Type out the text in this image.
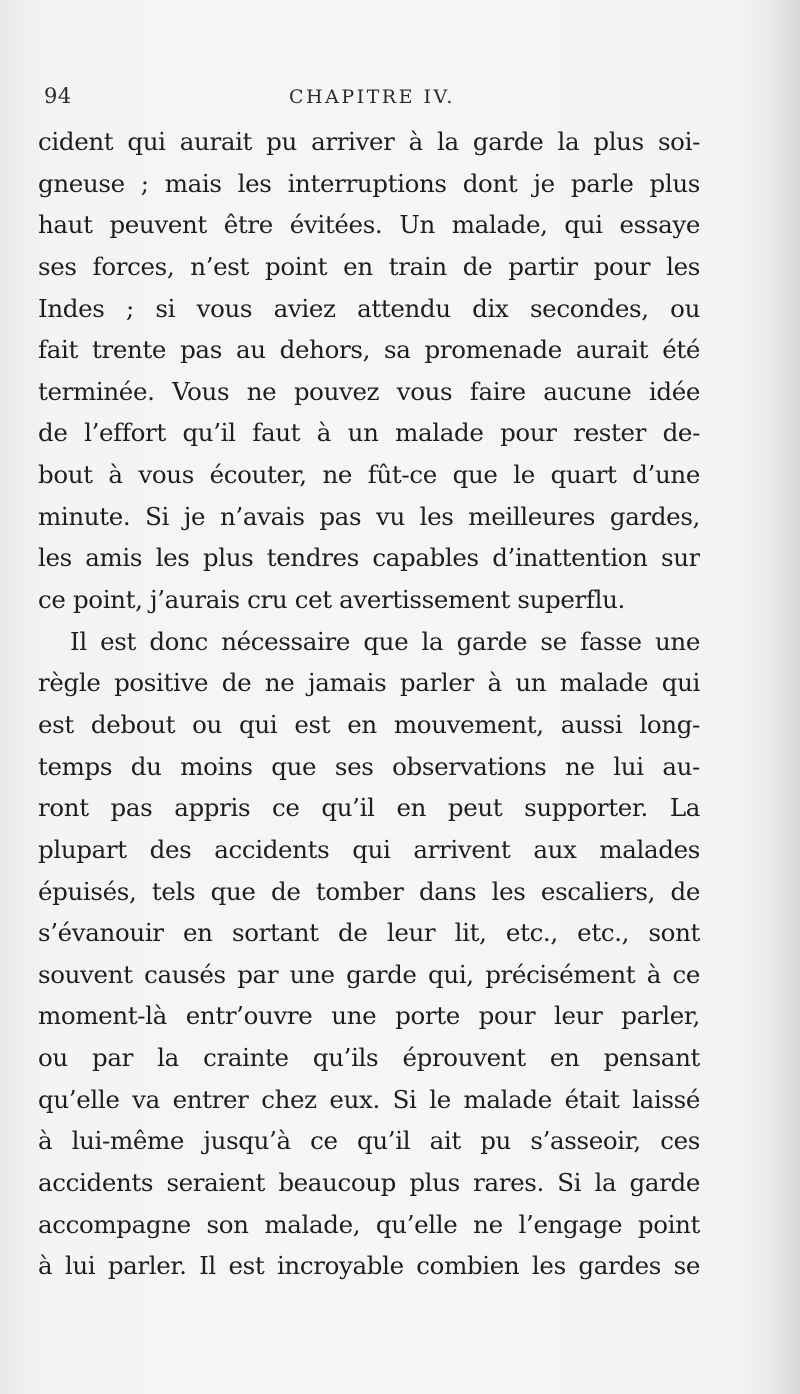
94	CHAPITRE IV.
cident qui aurait pu arriver à la garde la plus soi-
gneuse ; mais les interruptions dont je parle plus
haut peuvent être évitées. Un malade, qui essaye
ses forces, n’est point en train de partir pour les
Indes ; si vous aviez attendu dix secondes, ou
fait trente pas au dehors, sa promenade aurait été
terminée. Vous ne pouvez vous faire aucune idée
de l’effort qu’il faut à un malade pour rester de-
bout à vous écouter, ne fût-ce que le quart d’une
minute. Si je n’avais pas vu les meilleures gardes,
les amis les plus tendres capables d’inattention sur
ce point, j’aurais cru cet avertissement superflu.
Il est donc nécessaire que la garde se fasse une
règle positive de ne jamais parler à un malade qui
est debout ou qui est en mouvement, aussi long-
temps du moins que ses observations ne lui au-
ront pas appris ce qu’il en peut supporter. La
plupart des accidents qui arrivent aux malades
épuisés, tels que de tomber dans les escaliers, de
s’évanouir en sortant de leur lit, etc., etc., sont
souvent causés par une garde qui, précisément à ce
moment-là entr’ouvre une porte pour leur parler,
ou par la crainte qu’ils éprouvent en pensant
qu’elle va entrer chez eux. Si le malade était laissé
à lui-même jusqu’à ce qu’il ait pu s’asseoir, ces
accidents seraient beaucoup plus rares. Si la garde
accompagne son malade, qu’elle ne l’engage point
à lui parler. Il est incroyable combien les gardes se
